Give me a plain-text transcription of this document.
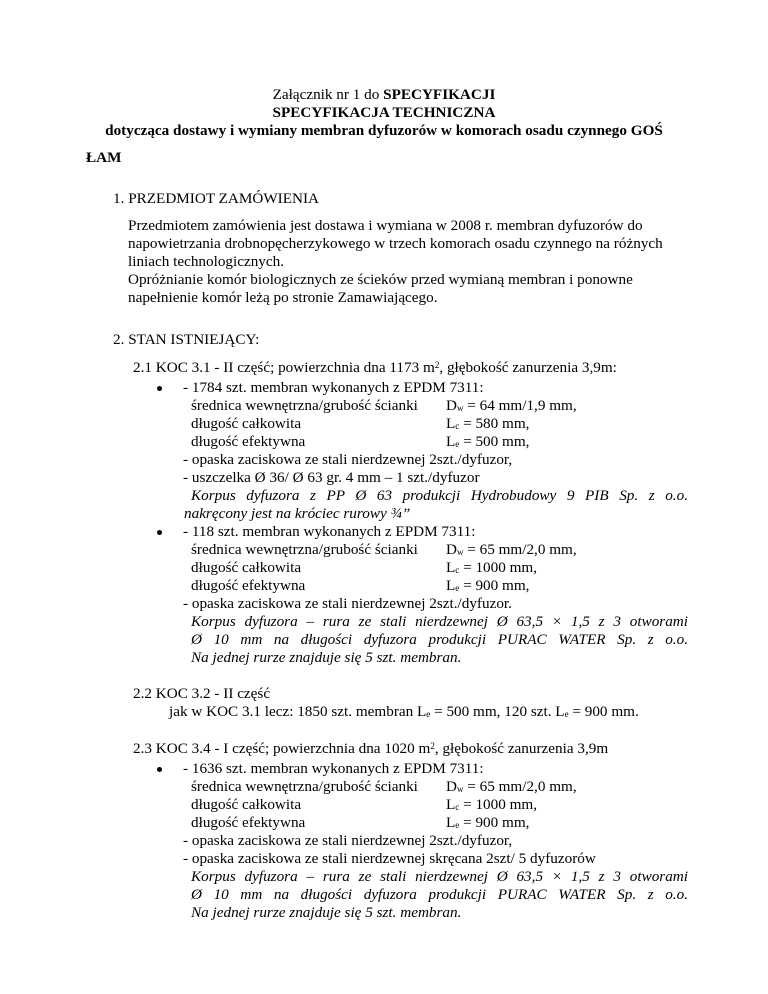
Załącznik nr 1 do SPECYFIKACJI
SPECYFIKACJA TECHNICZNA
dotycząca dostawy i wymiany membran dyfuzorów w komorach osadu czynnego GOŚ
ŁAM
1. PRZEDMIOT ZAMÓWIENIA
Przedmiotem zamówienia jest dostawa i wymiana w 2008 r. membran dyfuzorów do
napowietrzania drobnopęcherzykowego w trzech komorach osadu czynnego na różnych
liniach technologicznych.
Opróżnianie komór biologicznych ze ścieków przed wymianą membran i ponowne
napełnienie komór leżą po stronie Zamawiającego.
2. STAN ISTNIEJĄCY:
2.1 KOC 3.1 - II część; powierzchnia dna 1173 $m^2$, głębokość zanurzenia 3,9m:
- 1784 szt. membran wykonanych z EPDM 7311:
średnica wewnętrzna/grubość ścianki $D_w = 64$ mm/1,9 mm,
długość całkowita	$L_c = 580$ mm,
długość efektywna	$L_e = 500$ mm,
- opaska zaciskowa ze stali nierdzewnej 2szt./dyfuzor,
- uszczelka Ø 36/ Ø 63 gr. 4 mm – 1 szt./dyfuzor
Korpus dyfuzora z PP Ø 63 produkcji Hydrobudowy 9 PIB Sp. z o.o.
nakręcony jest na króciec rurowy ¾”
- 118 szt. membran wykonanych z EPDM 7311:
średnica wewnętrzna/grubość ścianki $D_w = 65$ mm/2,0 mm,
długość całkowita	$L_c = 1000$ mm,
długość efektywna	$L_e = 900$ mm,
- opaska zaciskowa ze stali nierdzewnej 2szt./dyfuzor.
Korpus dyfuzora – rura ze stali nierdzewnej Ø 63,5 × 1,5 z 3 otworami
Ø 10 mm na długości dyfuzora produkcji PURAC WATER Sp. z o.o.
Na jednej rurze znajduje się 5 szt. membran.
2.2 KOC 3.2 - II część
jak w KOC 3.1 lecz: 1850 szt. membran $L_e = 500$ mm, 120 szt. $L_e = 900$ mm.
2.3 KOC 3.4 - I część; powierzchnia dna 1020 $m^2$, głębokość zanurzenia 3,9m
- 1636 szt. membran wykonanych z EPDM 7311:
średnica wewnętrzna/grubość ścianki $D_w = 65$ mm/2,0 mm,
długość całkowita	$L_c = 1000$ mm,
długość efektywna	$L_e = 900$ mm,
- opaska zaciskowa ze stali nierdzewnej 2szt./dyfuzor,
- opaska zaciskowa ze stali nierdzewnej skręcana 2szt/ 5 dyfuzorów
Korpus dyfuzora – rura ze stali nierdzewnej Ø 63,5 × 1,5 z 3 otworami
Ø 10 mm na długości dyfuzora produkcji PURAC WATER Sp. z o.o.
Na jednej rurze znajduje się 5 szt. membran.
